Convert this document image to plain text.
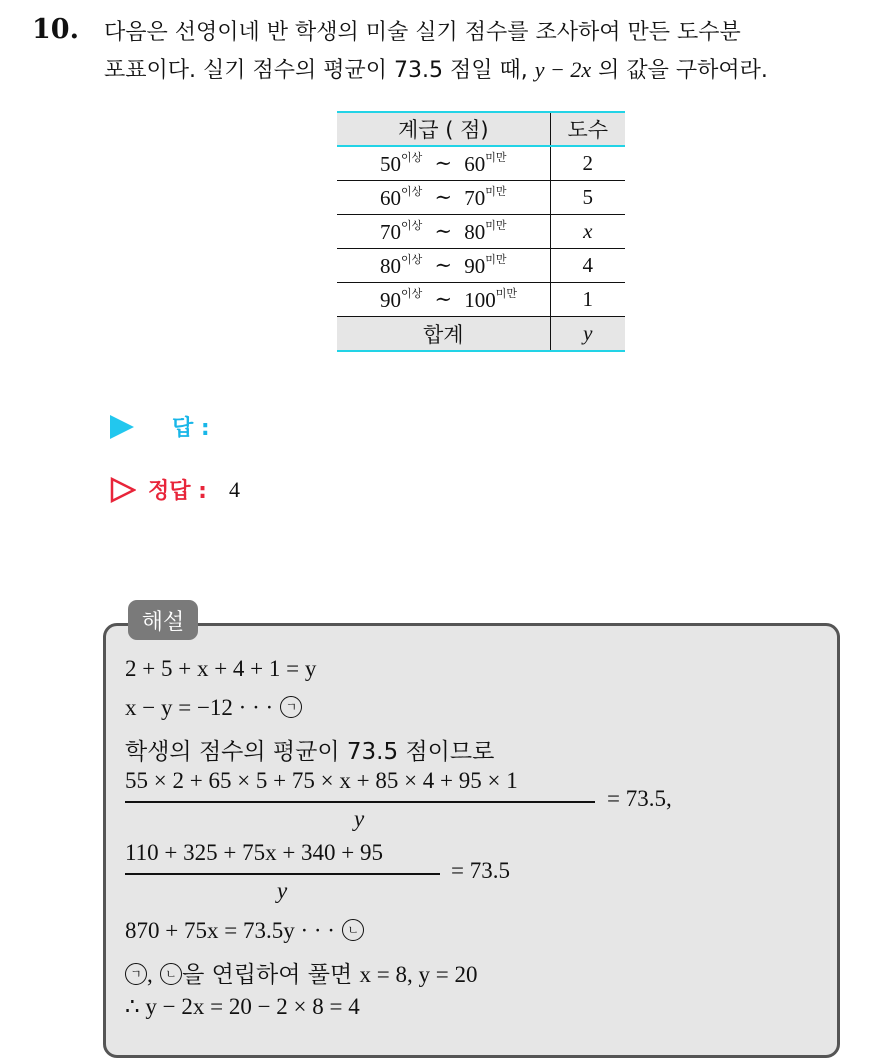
10. 다음은 선영이네 반 학생의 미술 실기 점수를 조사하여 만든 도수분
포표이다. 실기 점수의 평균이 73.5 점일 때, y − 2x 의 값을 구하여라.
계급 ( 점)	도수

$50^{이상}$ ∼ $60^{미만}$	2

$60^{이상}$ ∼ $70^{미만}$	5

$70^{이상}$ ∼ $80^{미만}$	x

$80^{이상}$ ∼ $90^{미만}$	4

$90^{이상}$ ∼ $100^{미만}$	1
합계	y
답 :
정답 : 4
해설
2 + 5 + x + 4 + 1 = y
x − y = −12 · · · ㄱ
학생의 점수의 평균이 73.5 점이므로
55 × 2 + 65 × 5 + 75 × x + 85 × 4 + 95 × 1
y
= 73.5,
110 + 325 + 75x + 340 + 95
y
= 73.5
870 + 75x = 73.5y · · · ㄴ
ㄱ , ㄴ 을 연립하여 풀면 x = 8, y = 20
∴ y − 2x = 20 − 2 × 8 = 4
